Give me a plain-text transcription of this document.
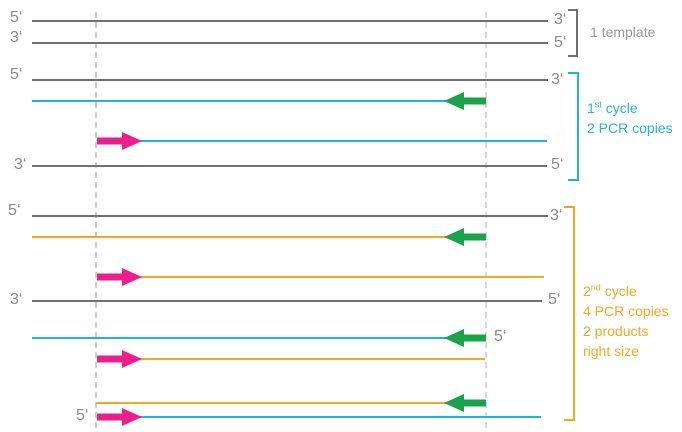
5‘	3‘
3‘	5‘
5‘	3‘
3‘	5‘
5‘	3‘
3‘	5‘
5‘
5‘
1 template
1st cycle
2 PCR copies
2nd cycle
4 PCR copies
2 products
right size
